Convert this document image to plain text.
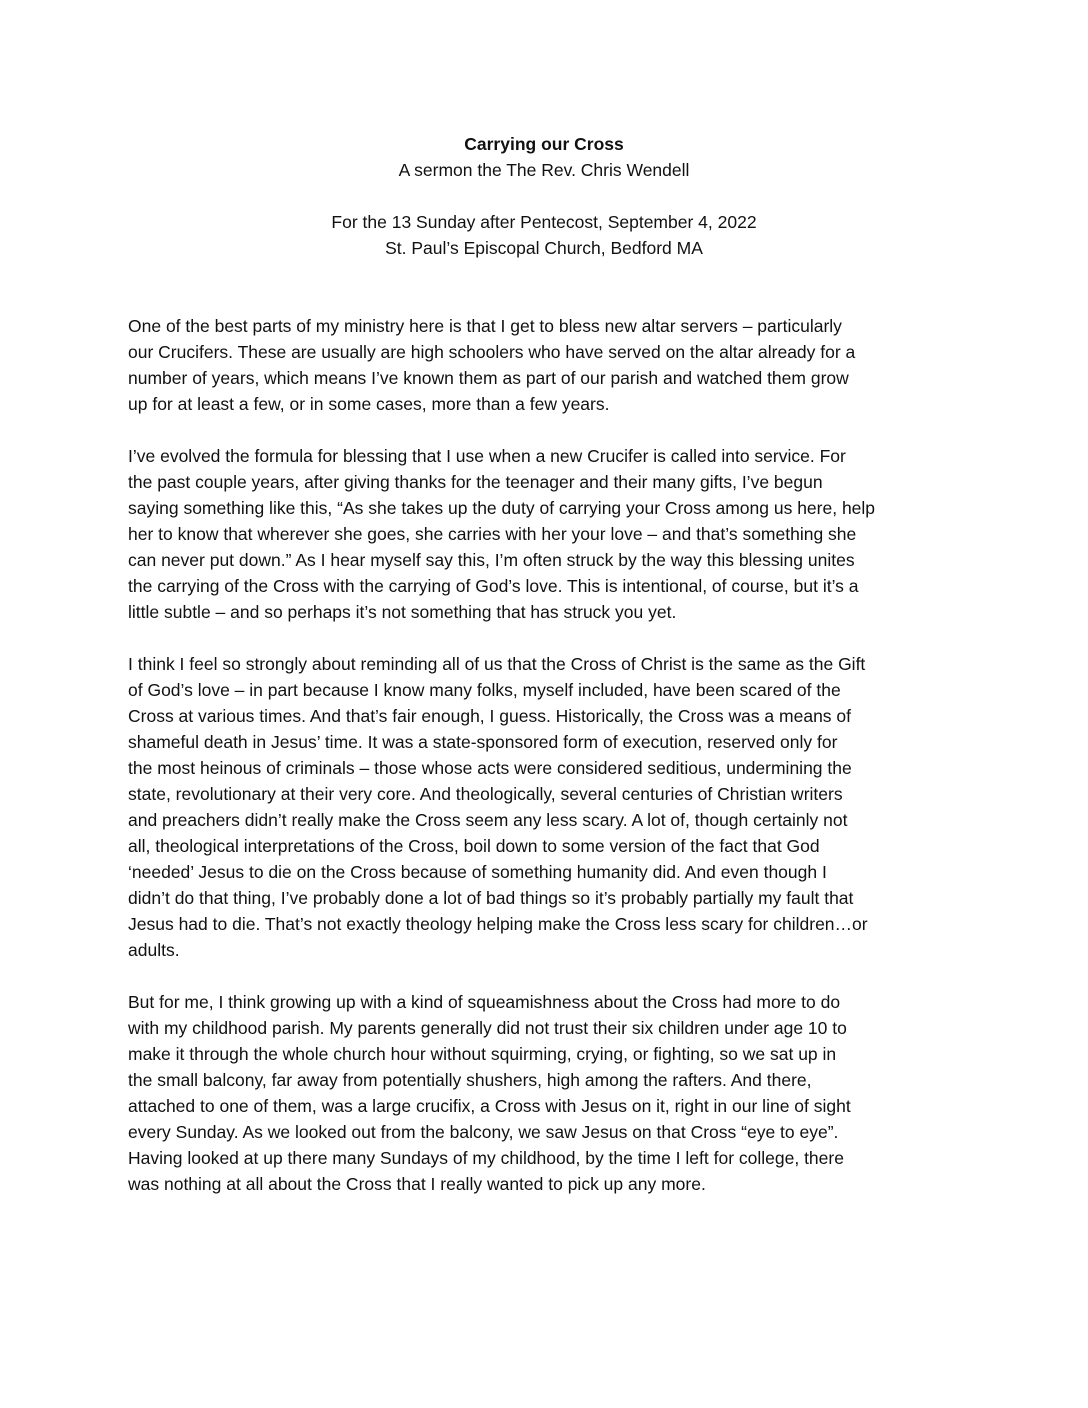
Carrying our Cross
A sermon the The Rev. Chris Wendell
For the 13 Sunday after Pentecost, September 4, 2022
St. Paul’s Episcopal Church, Bedford MA
One of the best parts of my ministry here is that I get to bless new altar servers – particularly
our Crucifers. These are usually are high schoolers who have served on the altar already for a
number of years, which means I’ve known them as part of our parish and watched them grow
up for at least a few, or in some cases, more than a few years.
I’ve evolved the formula for blessing that I use when a new Crucifer is called into service. For
the past couple years, after giving thanks for the teenager and their many gifts, I’ve begun
saying something like this, “As she takes up the duty of carrying your Cross among us here, help
her to know that wherever she goes, she carries with her your love – and that’s something she
can never put down.” As I hear myself say this, I’m often struck by the way this blessing unites
the carrying of the Cross with the carrying of God’s love. This is intentional, of course, but it’s a
little subtle – and so perhaps it’s not something that has struck you yet.
I think I feel so strongly about reminding all of us that the Cross of Christ is the same as the Gift
of God’s love – in part because I know many folks, myself included, have been scared of the
Cross at various times. And that’s fair enough, I guess. Historically, the Cross was a means of
shameful death in Jesus’ time. It was a state-sponsored form of execution, reserved only for
the most heinous of criminals – those whose acts were considered seditious, undermining the
state, revolutionary at their very core. And theologically, several centuries of Christian writers
and preachers didn’t really make the Cross seem any less scary. A lot of, though certainly not
all, theological interpretations of the Cross, boil down to some version of the fact that God
‘needed’ Jesus to die on the Cross because of something humanity did. And even though I
didn’t do that thing, I’ve probably done a lot of bad things so it’s probably partially my fault that
Jesus had to die. That’s not exactly theology helping make the Cross less scary for children…or
adults.
But for me, I think growing up with a kind of squeamishness about the Cross had more to do
with my childhood parish. My parents generally did not trust their six children under age 10 to
make it through the whole church hour without squirming, crying, or fighting, so we sat up in
the small balcony, far away from potentially shushers, high among the rafters. And there,
attached to one of them, was a large crucifix, a Cross with Jesus on it, right in our line of sight
every Sunday. As we looked out from the balcony, we saw Jesus on that Cross “eye to eye”.
Having looked at up there many Sundays of my childhood, by the time I left for college, there
was nothing at all about the Cross that I really wanted to pick up any more.
